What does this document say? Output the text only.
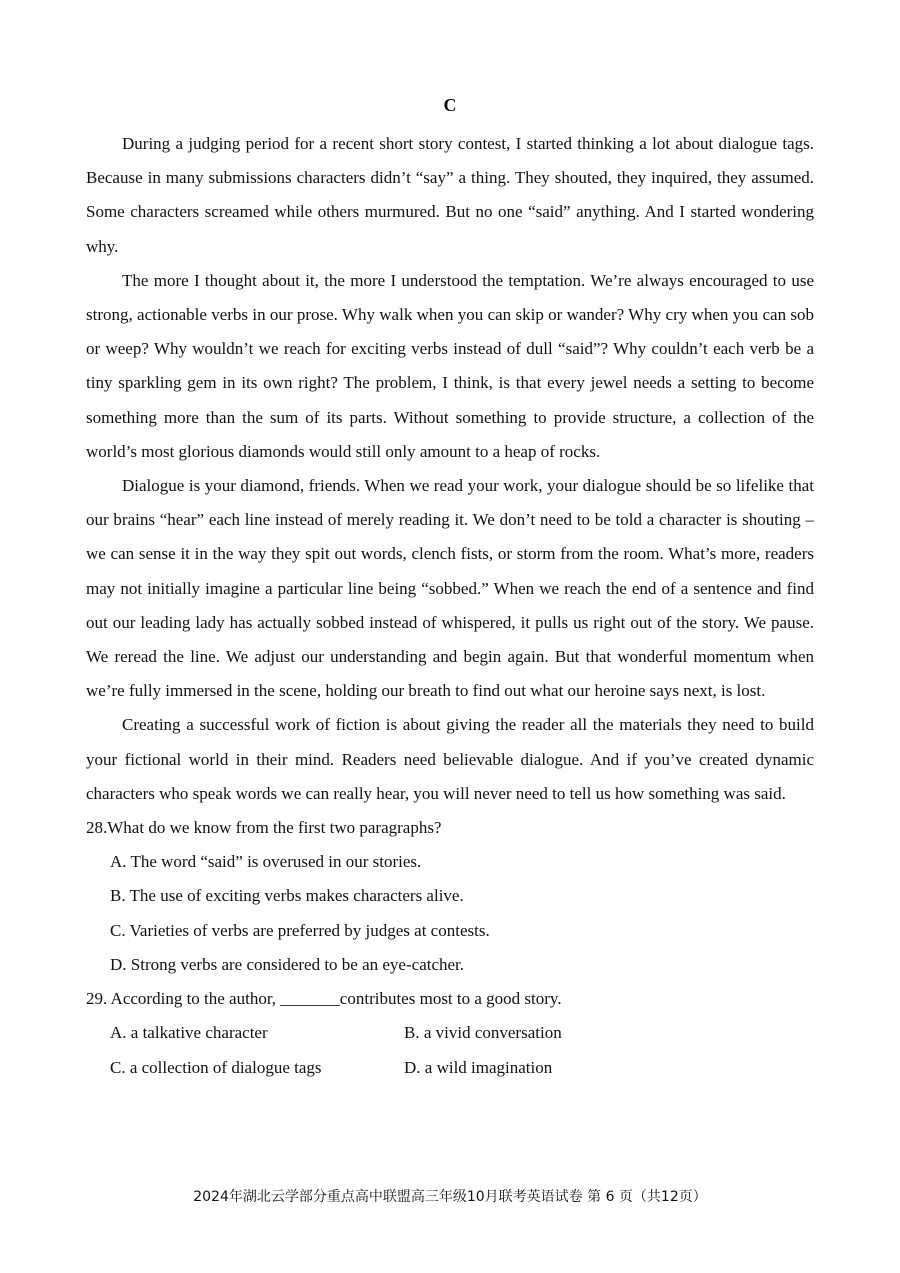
C

During a judging period for a recent short story contest, I started thinking a lot about dialogue tags. Because in many submissions characters didn’t “say” a thing. They shouted, they inquired, they assumed. Some characters screamed while others murmured. But no one “said” anything. And I started wondering why.

The more I thought about it, the more I understood the temptation. We’re always encouraged to use strong, actionable verbs in our prose. Why walk when you can skip or wander? Why cry when you can sob or weep? Why wouldn’t we reach for exciting verbs instead of dull “said”? Why couldn’t each verb be a tiny sparkling gem in its own right? The problem, I think, is that every jewel needs a setting to become something more than the sum of its parts. Without something to provide structure, a collection of the world’s most glorious diamonds would still only amount to a heap of rocks.

Dialogue is your diamond, friends. When we read your work, your dialogue should be so lifelike that our brains “hear” each line instead of merely reading it. We don’t need to be told a character is shouting – we can sense it in the way they spit out words, clench fists, or storm from the room. What’s more, readers may not initially imagine a particular line being “sobbed.” When we reach the end of a sentence and find out our leading lady has actually sobbed instead of whispered, it pulls us right out of the story. We pause. We reread the line. We adjust our understanding and begin again. But that wonderful momentum when we’re fully immersed in the scene, holding our breath to find out what our heroine says next, is lost.

Creating a successful work of fiction is about giving the reader all the materials they need to build your fictional world in their mind. Readers need believable dialogue. And if you’ve created dynamic characters who speak words we can really hear, you will never need to tell us how something was said.

28.What do we know from the first two paragraphs?

A. The word “said” is overused in our stories.

B. The use of exciting verbs makes characters alive.

C. Varieties of verbs are preferred by judges at contests.

D. Strong verbs are considered to be an eye-catcher.

29. According to the author, _______contributes most to a good story.

A. a talkative character	B. a vivid conversation
C. a collection of dialogue tags	D. a wild imagination
2024年湖北云学部分重点高中联盟高三年级10月联考英语试卷 第 6 页（共12页）
